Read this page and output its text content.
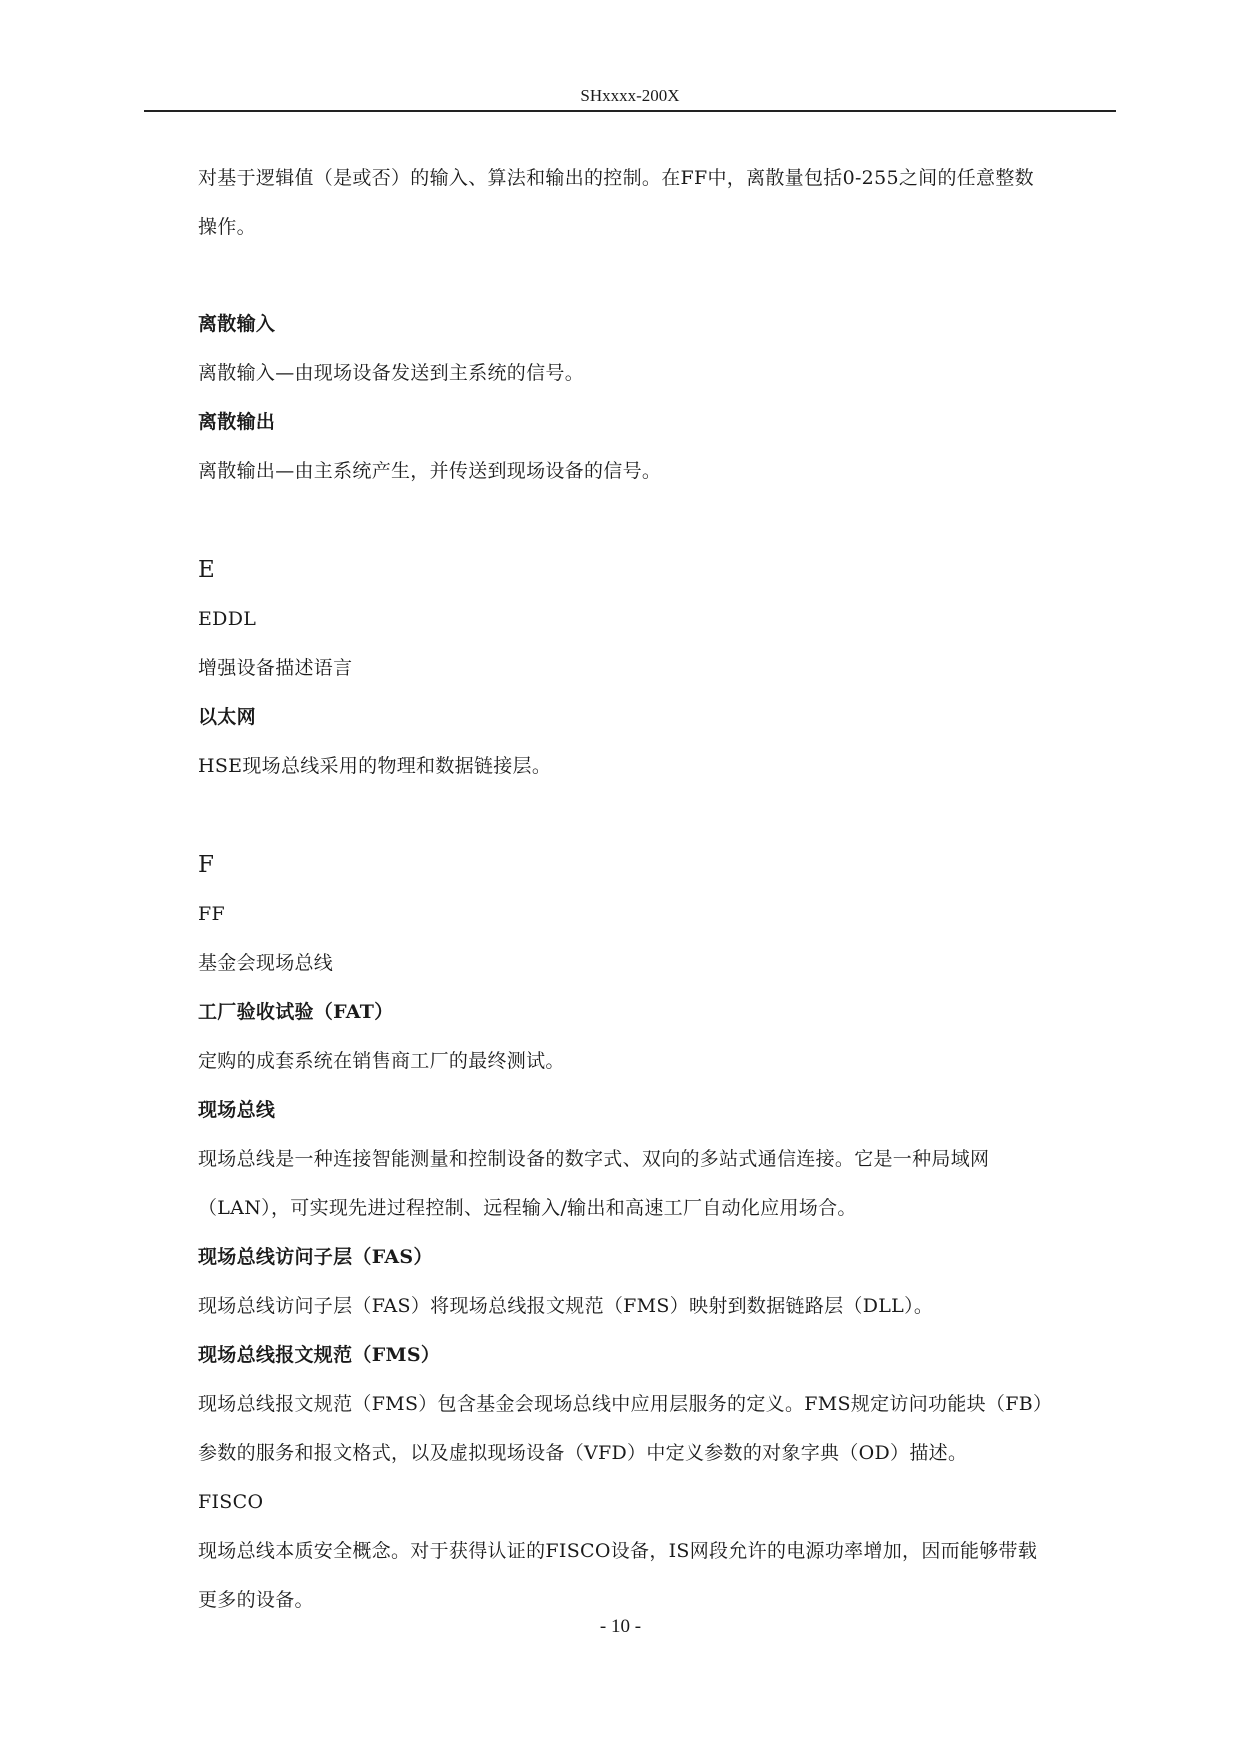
SHxxxx-200X

对基于逻辑值（是或否）的输入、算法和输出的控制。在FF中，离散量包括0-255之间的任意整数

操作。

离散输入

离散输入—由现场设备发送到主系统的信号。

离散输出

离散输出—由主系统产生，并传送到现场设备的信号。

E

EDDL

增强设备描述语言

以太网

HSE现场总线采用的物理和数据链接层。

F

FF

基金会现场总线

工厂验收试验（FAT）

定购的成套系统在销售商工厂的最终测试。

现场总线

现场总线是一种连接智能测量和控制设备的数字式、双向的多站式通信连接。它是一种局域网

（LAN），可实现先进过程控制、远程输入/输出和高速工厂自动化应用场合。

现场总线访问子层（FAS）

现场总线访问子层（FAS）将现场总线报文规范（FMS）映射到数据链路层（DLL）。

现场总线报文规范（FMS）

现场总线报文规范（FMS）包含基金会现场总线中应用层服务的定义。FMS规定访问功能块（FB）

参数的服务和报文格式，以及虚拟现场设备（VFD）中定义参数的对象字典（OD）描述。

FISCO

现场总线本质安全概念。对于获得认证的FISCO设备，IS网段允许的电源功率增加，因而能够带载

更多的设备。

- 10 -
